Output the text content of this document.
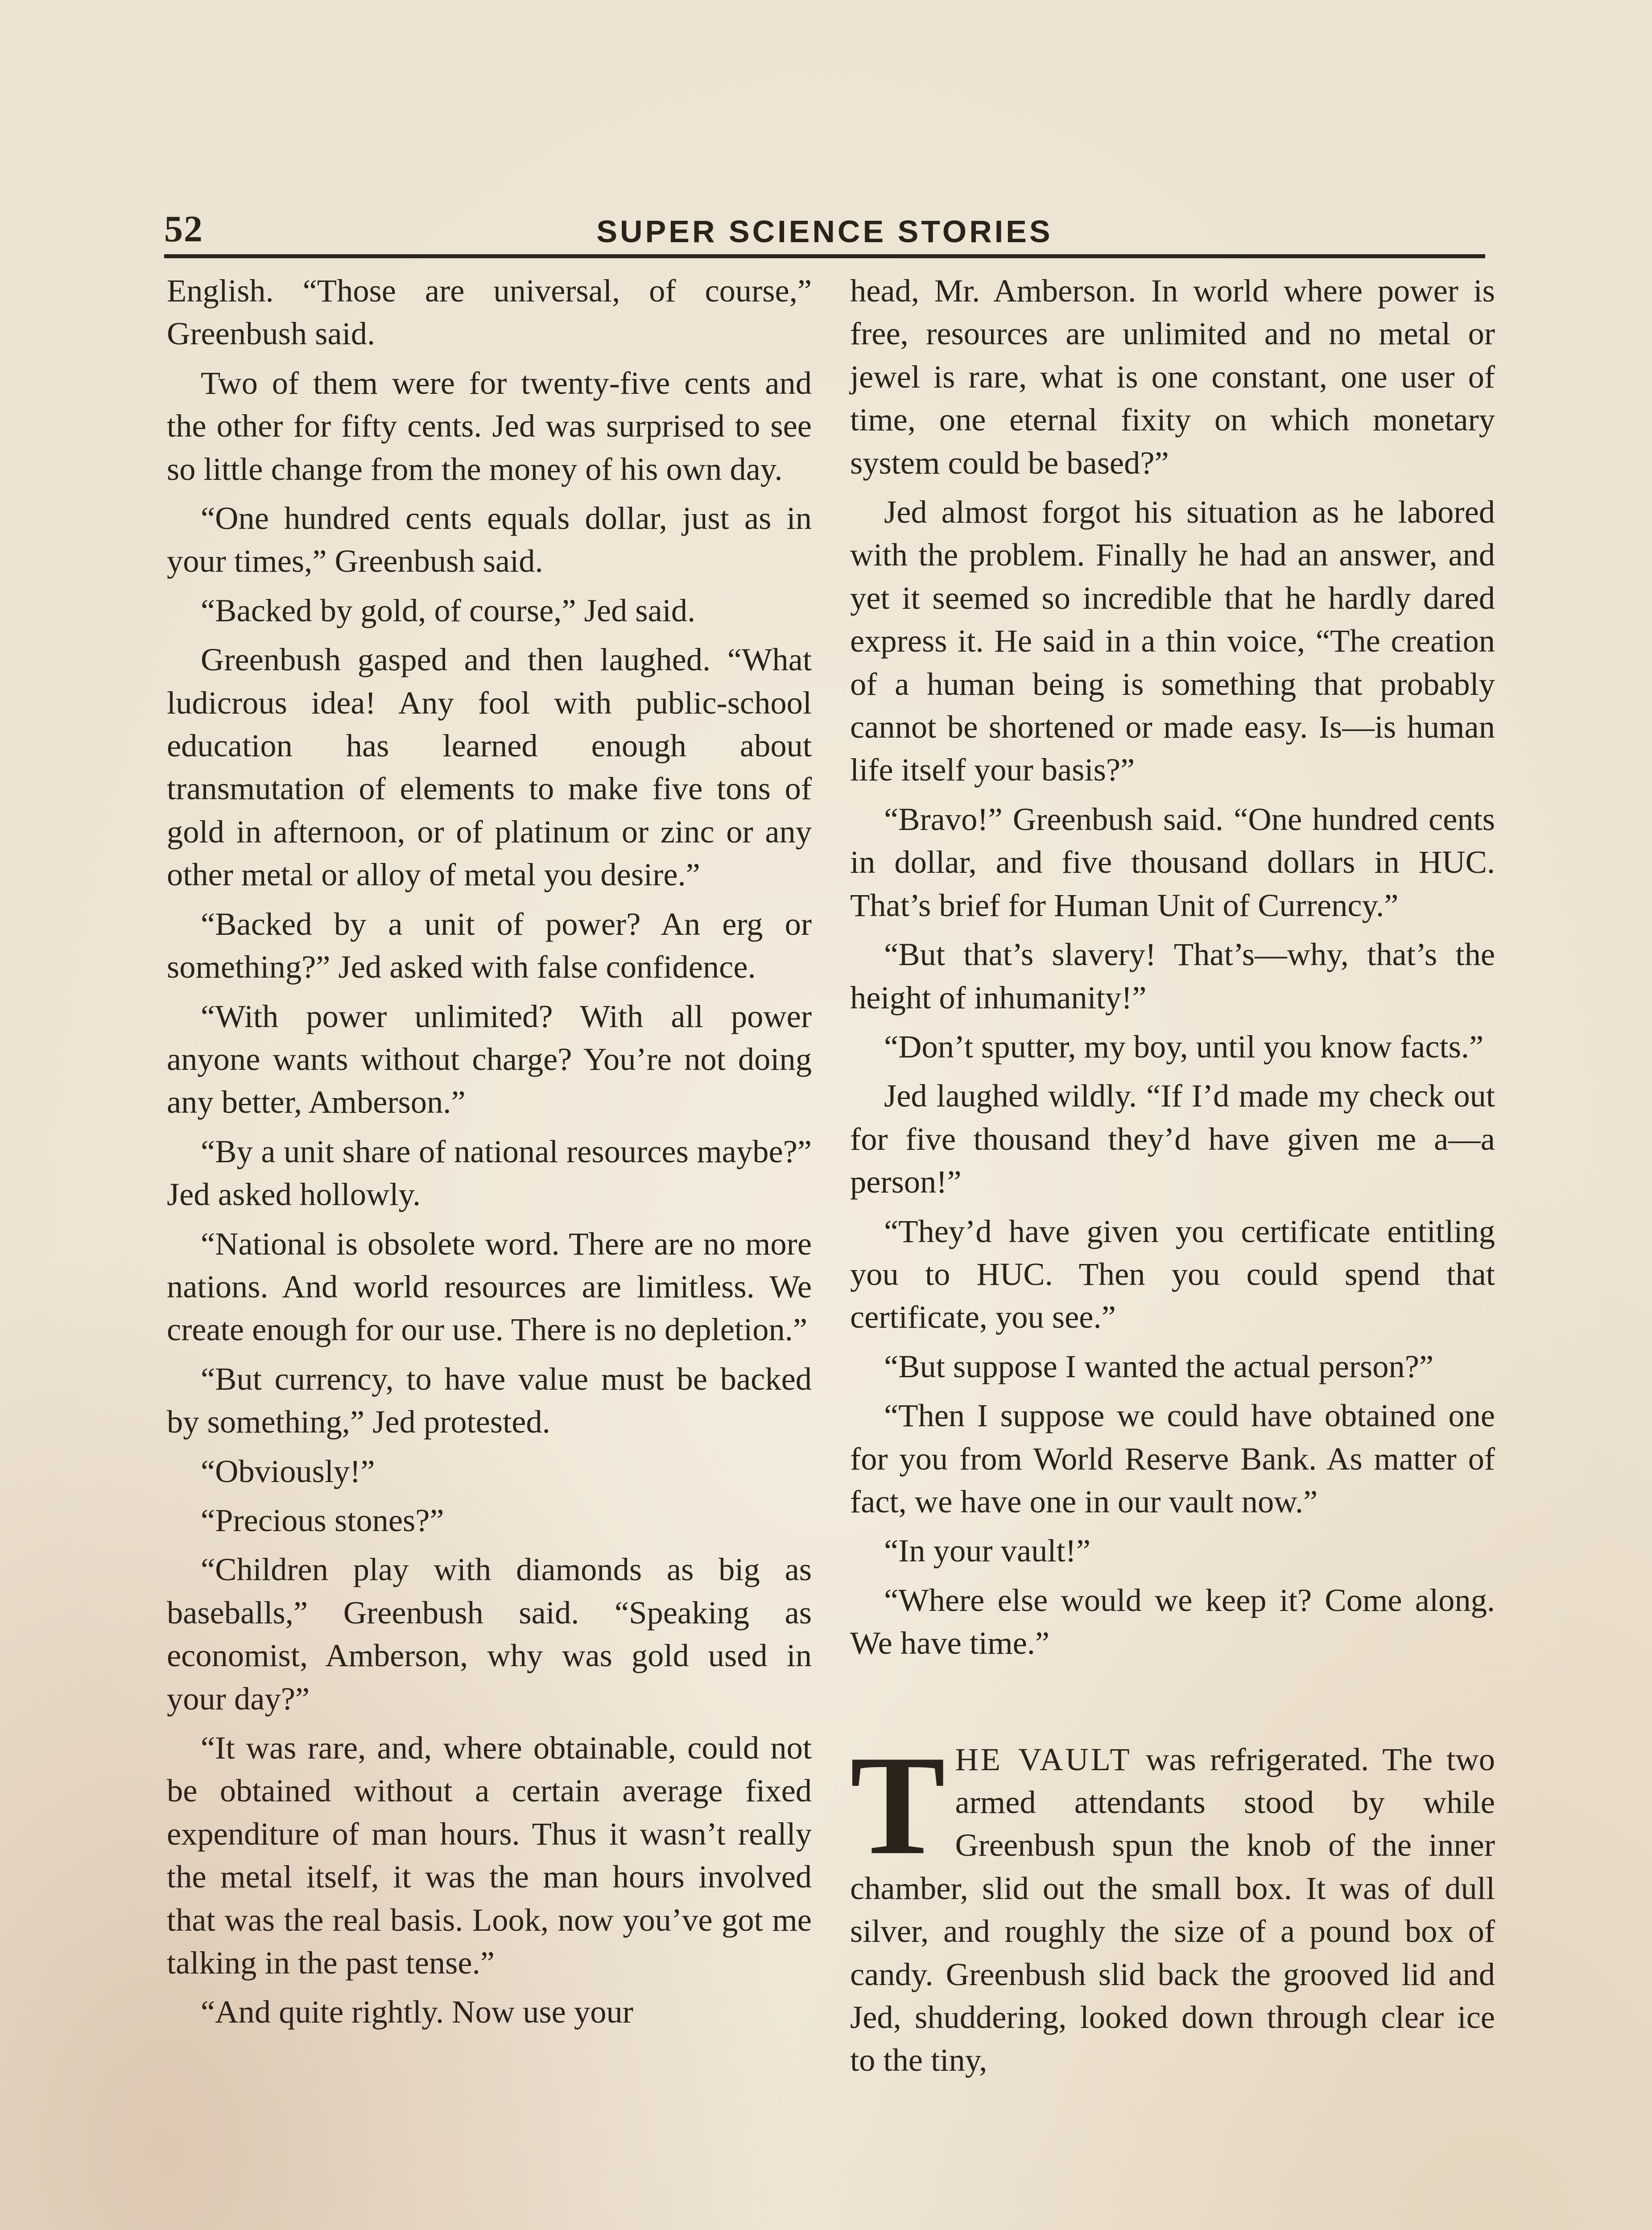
52	SUPER SCIENCE STORIES

English. “Those are universal, of course,” Greenbush said.

Two of them were for twenty-five cents and the other for fifty cents. Jed was surprised to see so little change from the money of his own day.

“One hundred cents equals dollar, just as in your times,” Greenbush said.

“Backed by gold, of course,” Jed said.

Greenbush gasped and then laughed. “What ludicrous idea! Any fool with public-school education has learned enough about transmutation of elements to make five tons of gold in afternoon, or of platinum or zinc or any other metal or alloy of metal you desire.”

“Backed by a unit of power? An erg or something?” Jed asked with false confidence.

“With power unlimited? With all power anyone wants without charge? You’re not doing any better, Amberson.”

“By a unit share of national resources maybe?” Jed asked hollowly.

“National is obsolete word. There are no more nations. And world resources are limitless. We create enough for our use. There is no depletion.”

“But currency, to have value must be backed by something,” Jed protested.

“Obviously!”

“Precious stones?”

“Children play with diamonds as big as baseballs,” Greenbush said. “Speaking as economist, Amberson, why was gold used in your day?”

“It was rare, and, where obtainable, could not be obtained without a certain average fixed expenditure of man hours. Thus it wasn’t really the metal itself, it was the man hours involved that was the real basis. Look, now you’ve got me talking in the past tense.”

“And quite rightly. Now use your

head, Mr. Amberson. In world where power is free, resources are unlimited and no metal or jewel is rare, what is one constant, one user of time, one eternal fixity on which monetary system could be based?”

Jed almost forgot his situation as he labored with the problem. Finally he had an answer, and yet it seemed so incredible that he hardly dared express it. He said in a thin voice, “The creation of a human being is something that probably cannot be shortened or made easy. Is—is human life itself your basis?”

“Bravo!” Greenbush said. “One hundred cents in dollar, and five thousand dollars in HUC. That’s brief for Human Unit of Currency.”

“But that’s slavery! That’s—why, that’s the height of inhumanity!”

“Don’t sputter, my boy, until you know facts.”

Jed laughed wildly. “If I’d made my check out for five thousand they’d have given me a—a person!”

“They’d have given you certificate entitling you to HUC. Then you could spend that certificate, you see.”

“But suppose I wanted the actual person?”

“Then I suppose we could have obtained one for you from World Reserve Bank. As matter of fact, we have one in our vault now.”

“In your vault!”

“Where else would we keep it? Come along. We have time.”

THE VAULT was refrigerated. The two armed attendants stood by while Greenbush spun the knob of the inner chamber, slid out the small box. It was of dull silver, and roughly the size of a pound box of candy. Greenbush slid back the grooved lid and Jed, shuddering, looked down through clear ice to the tiny,
